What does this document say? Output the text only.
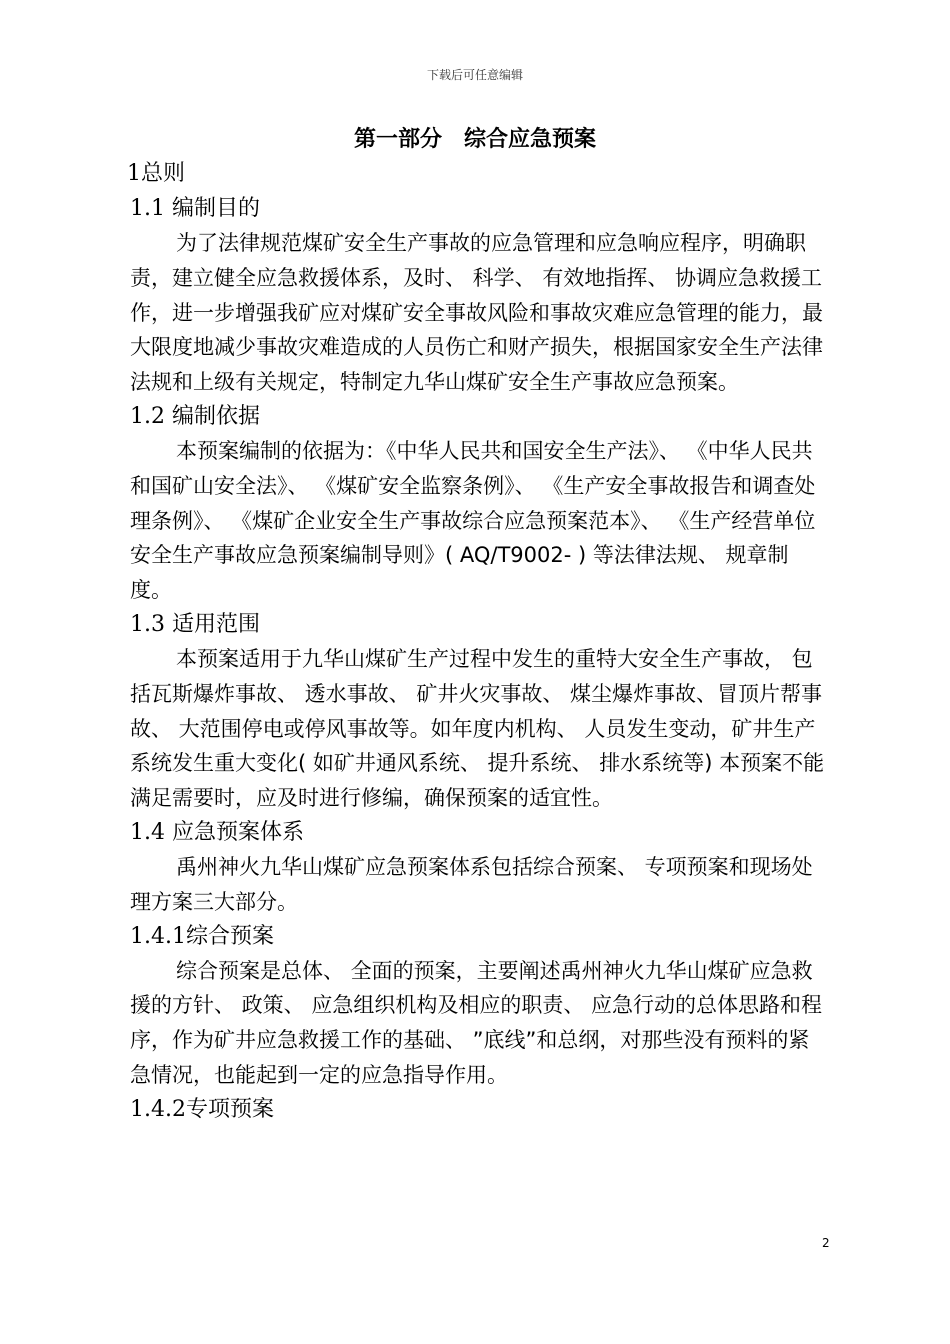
下载后可任意编辑
第一部分　综合应急预案
1总则
1.1 编制目的

为了法律规范煤矿安全生产事故的应急管理和应急响应程序，明确职责，建立健全应急救援体系，及时、 科学、 有效地指挥、 协调应急救援工作，进一步增强我矿应对煤矿安全事故风险和事故灾难应急管理的能力，最大限度地减少事故灾难造成的人员伤亡和财产损失，根据国家安全生产法律法规和上级有关规定，特制定九华山煤矿安全生产事故应急预案。

1.2 编制依据

本预案编制的依据为：《中华人民共和国安全生产法》、 《中华人民共和国矿山安全法》、 《煤矿安全监察条例》、 《生产安全事故报告和调查处理条例》、 《煤矿企业安全生产事故综合应急预案范本》、 《生产经营单位安全生产事故应急预案编制导则》( AQ/T9002- ) 等法律法规、 规章制度。

1.3 适用范围

本预案适用于九华山煤矿生产过程中发生的重特大安全生产事故， 包括瓦斯爆炸事故、 透水事故、 矿井火灾事故、 煤尘爆炸事故、冒顶片帮事故、 大范围停电或停风事故等。如年度内机构、 人员发生变动，矿井生产系统发生重大变化( 如矿井通风系统、 提升系统、 排水系统等) 本预案不能满足需要时，应及时进行修编，确保预案的适宜性。

1.4 应急预案体系

禹州神火九华山煤矿应急预案体系包括综合预案、 专项预案和现场处理方案三大部分。

1.4.1综合预案

综合预案是总体、 全面的预案，主要阐述禹州神火九华山煤矿应急救援的方针、 政策、 应急组织机构及相应的职责、 应急行动的总体思路和程序，作为矿井应急救援工作的基础、 ”底线”和总纲，对那些没有预料的紧急情况，也能起到一定的应急指导作用。

1.4.2专项预案
2
